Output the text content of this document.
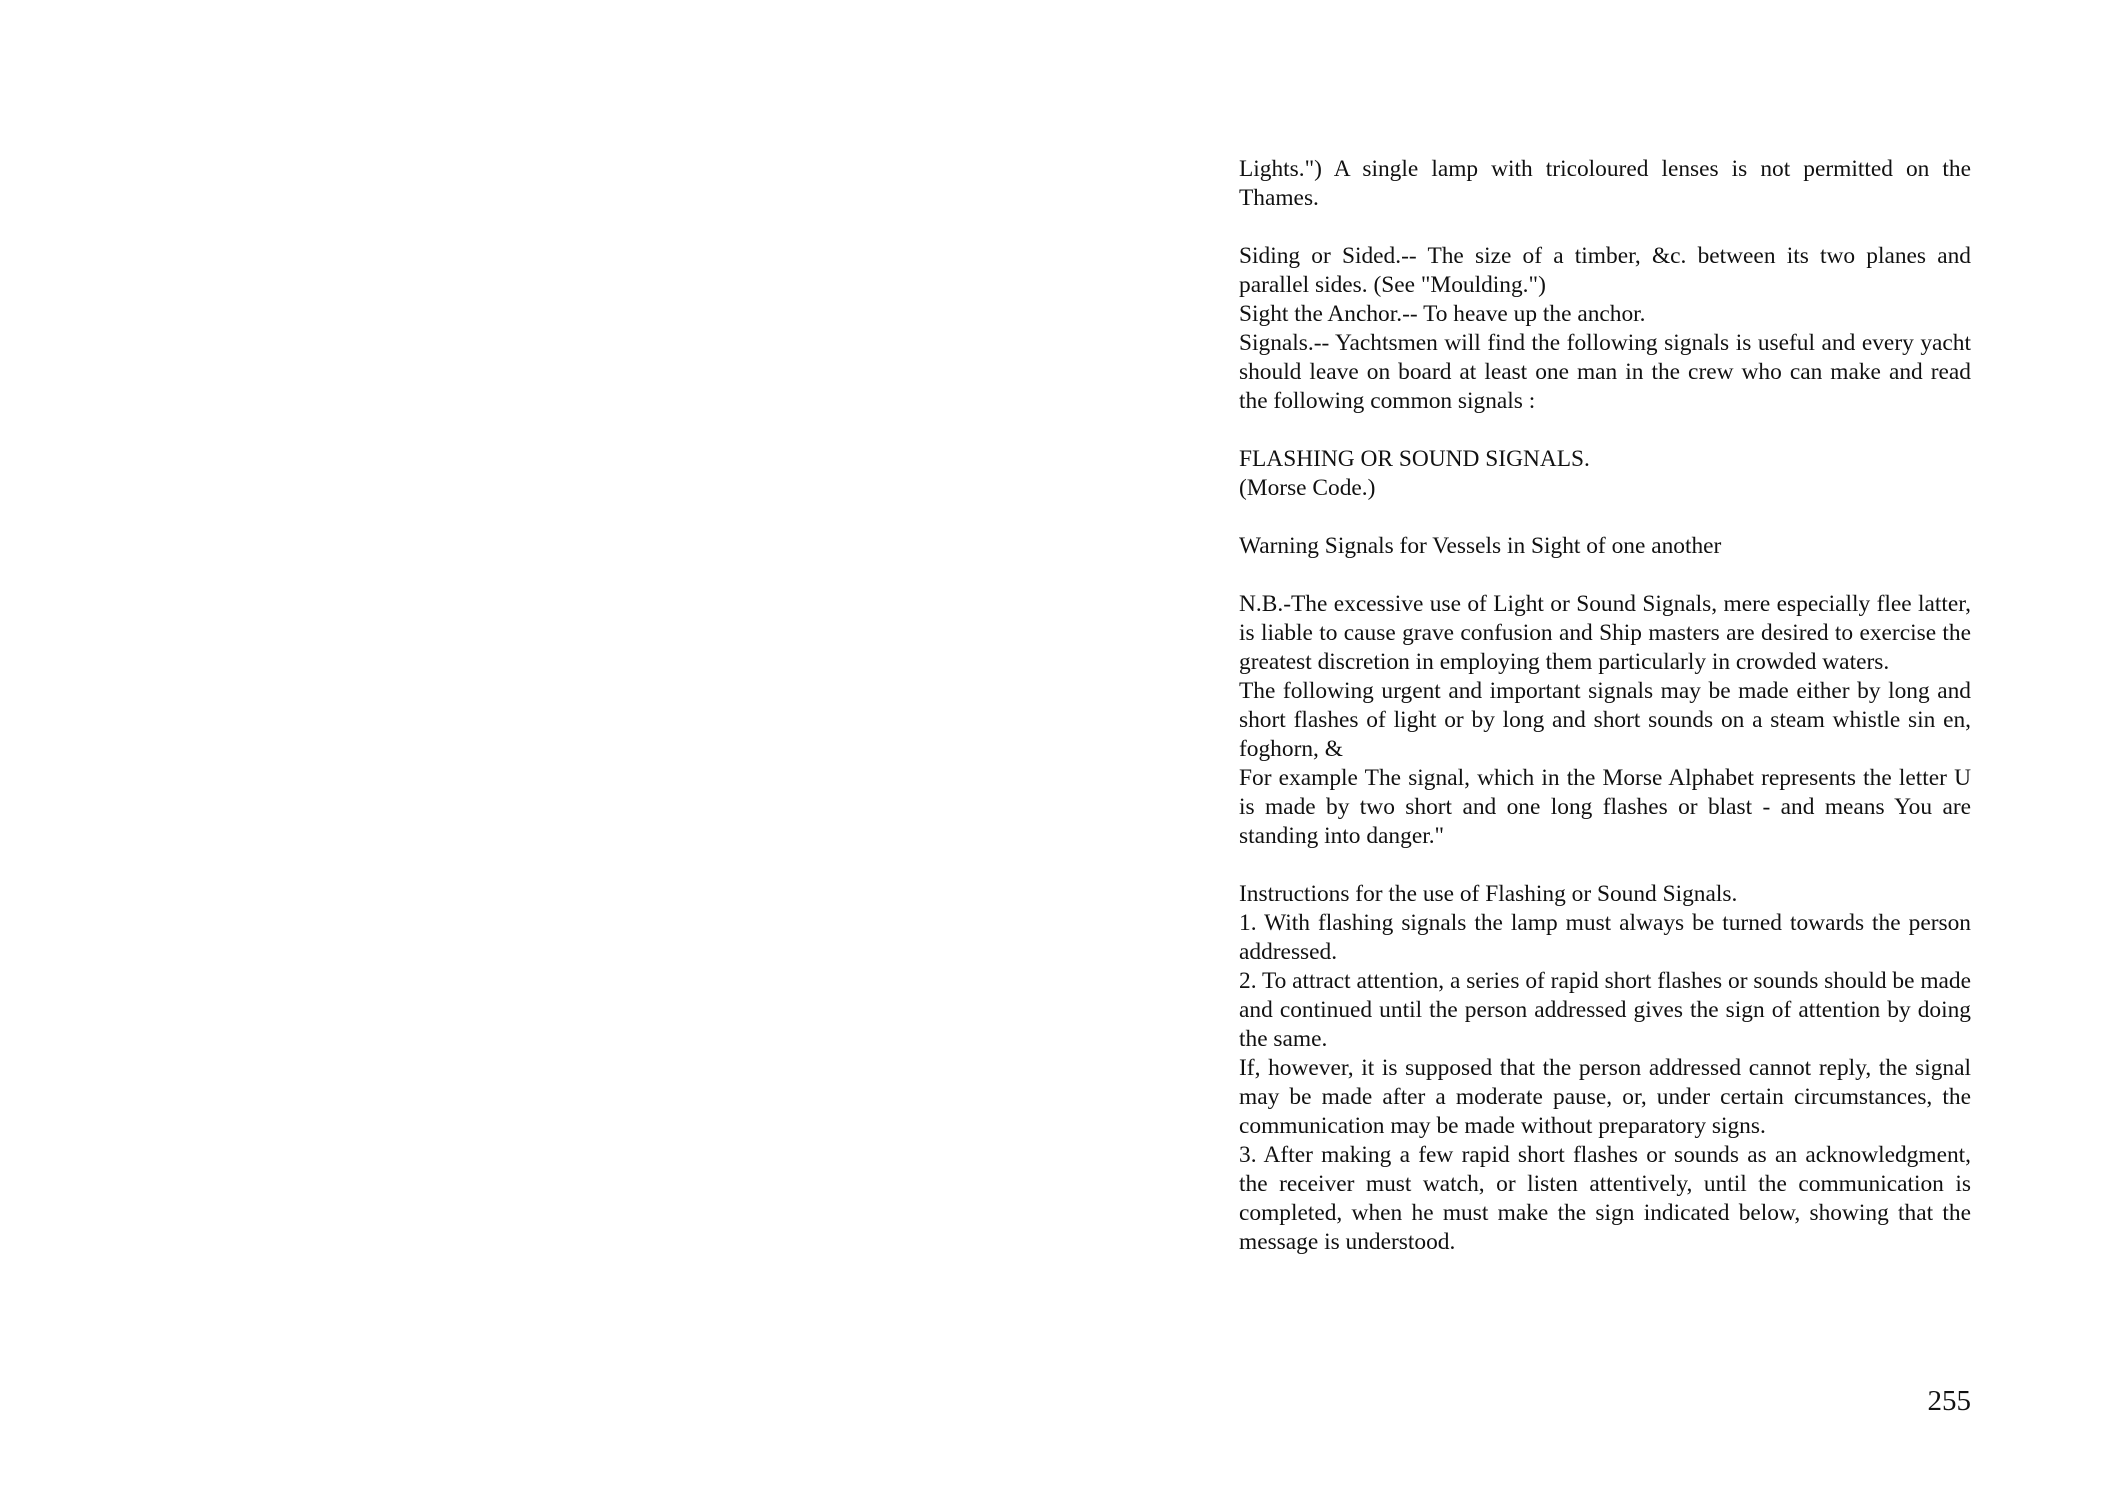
Lights.") A single lamp with tricoloured lenses is not permitted on the Thames.

Siding or Sided.-- The size of a timber, &c. between its two planes and parallel sides. (See "Moulding.")

Sight the Anchor.-- To heave up the anchor.

Signals.-- Yachtsmen will find the following signals is useful and every yacht should leave on board at least one man in the crew who can make and read the following common signals :

FLASHING OR SOUND SIGNALS.

(Morse Code.)

Warning Signals for Vessels in Sight of one another

N.B.-The excessive use of Light or Sound Signals, mere especially flee latter, is liable to cause grave confusion and Ship masters are desired to exercise the greatest discretion in employing them particularly in crowded waters.

The following urgent and important signals may be made either by long and short flashes of light or by long and short sounds on a steam whistle sin en, foghorn, &

For example The signal, which in the Morse Alphabet represents the letter U is made by two short and one long flashes or blast - and means You are standing into danger."

Instructions for the use of Flashing or Sound Signals.

1. With flashing signals the lamp must always be turned towards the person addressed.

2. To attract attention, a series of rapid short flashes or sounds should be made and continued until the person addressed gives the sign of attention by doing the same.

If, however, it is supposed that the person addressed cannot reply, the signal may be made after a moderate pause, or, under certain circumstances, the communication may be made without preparatory signs.

3. After making a few rapid short flashes or sounds as an acknowledgment, the receiver must watch, or listen attentively, until the communication is completed, when he must make the sign indicated below, showing that the message is understood.

255
